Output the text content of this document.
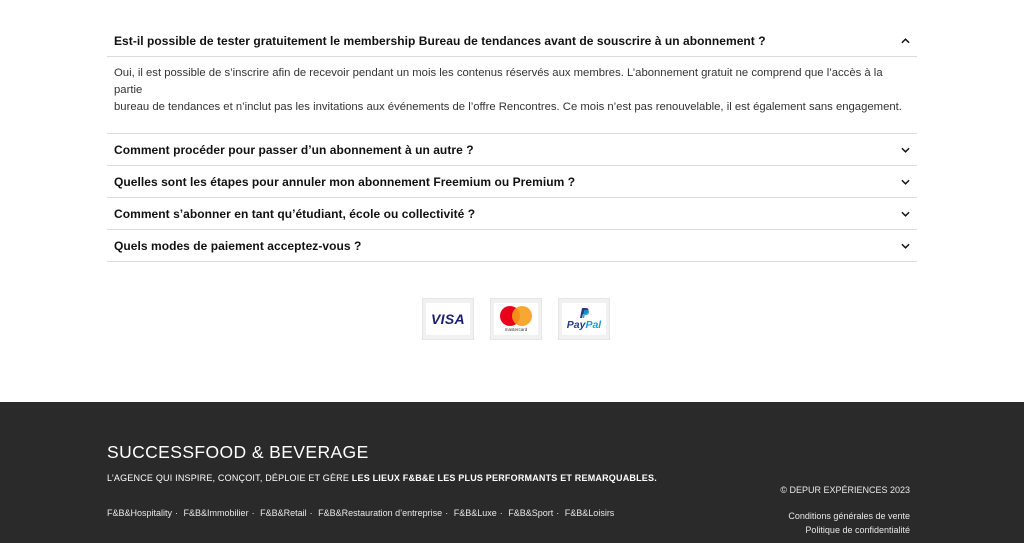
Est-il possible de tester gratuitement le membership Bureau de tendances avant de souscrire à un abonnement ?
Oui, il est possible de s’inscrire afin de recevoir pendant un mois les contenus réservés aux membres. L’abonnement gratuit ne comprend que l’accès à la partie
bureau de tendances et n’inclut pas les invitations aux événements de l’offre Rencontres. Ce mois n’est pas renouvelable, il est également sans engagement.
Comment procéder pour passer d’un abonnement à un autre ?
Quelles sont les étapes pour annuler mon abonnement Freemium ou Premium ?
Comment s’abonner en tant qu’étudiant, école ou collectivité ?
Quels modes de paiement acceptez-vous ?
VISA
mastercard	PayPal
SUCCESSFOOD & BEVERAGE
L’AGENCE QUI INSPIRE, CONÇOIT, DÉPLOIE ET GÈRE LES LIEUX F&B&E LES PLUS PERFORMANTS ET REMARQUABLES.
F&B&Hospitality · F&B&Immobilier · F&B&Retail · F&B&Restauration d’entreprise · F&B&Luxe · F&B&Sport · F&B&Loisirs
© DEPUR EXPÉRIENCES 2023
Conditions générales de vente
Politique de confidentialité
